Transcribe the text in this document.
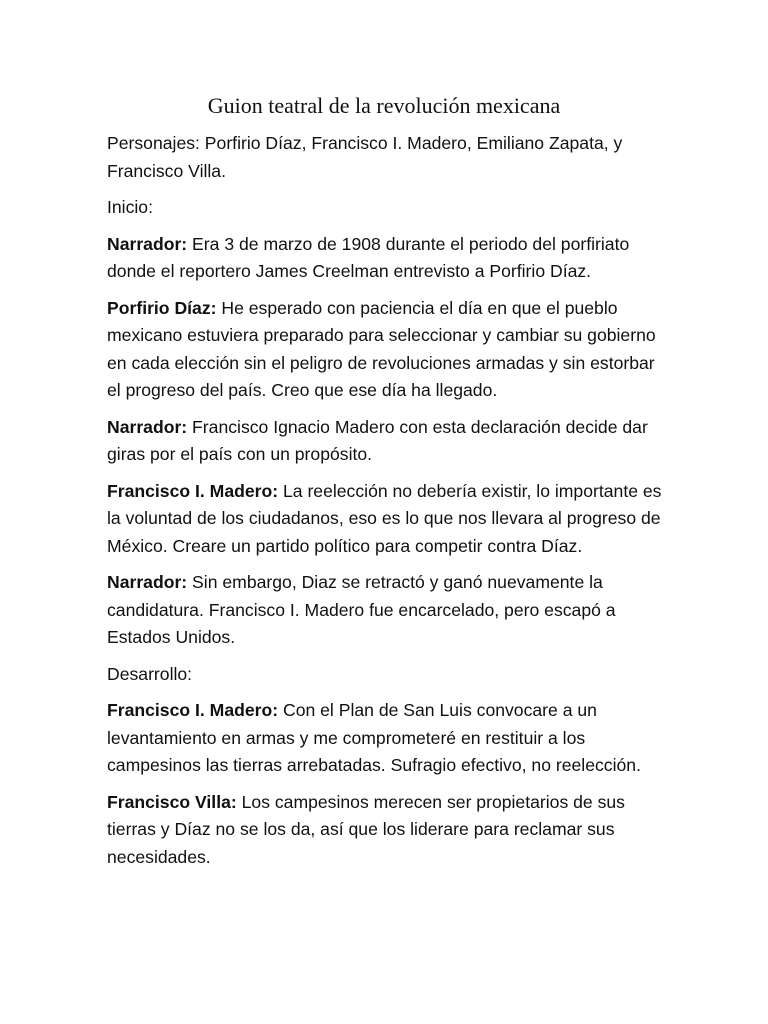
Guion teatral de la revolución mexicana

Personajes: Porfirio Díaz, Francisco I. Madero, Emiliano Zapata, y Francisco Villa.

Inicio:

Narrador: Era 3 de marzo de 1908 durante el periodo del porfiriato donde el reportero James Creelman entrevisto a Porfirio Díaz.

Porfirio Díaz: He esperado con paciencia el día en que el pueblo mexicano estuviera preparado para seleccionar y cambiar su gobierno en cada elección sin el peligro de revoluciones armadas y sin estorbar el progreso del país. Creo que ese día ha llegado.

Narrador: Francisco Ignacio Madero con esta declaración decide dar giras por el país con un propósito.

Francisco I. Madero: La reelección no debería existir, lo importante es la voluntad de los ciudadanos, eso es lo que nos llevara al progreso de México. Creare un partido político para competir contra Díaz.

Narrador: Sin embargo, Diaz se retractó y ganó nuevamente la candidatura. Francisco I. Madero fue encarcelado, pero escapó a Estados Unidos.

Desarrollo:

Francisco I. Madero: Con el Plan de San Luis convocare a un levantamiento en armas y me comprometeré en restituir a los campesinos las tierras arrebatadas. Sufragio efectivo, no reelección.

Francisco Villa: Los campesinos merecen ser propietarios de sus tierras y Díaz no se los da, así que los liderare para reclamar sus necesidades.
